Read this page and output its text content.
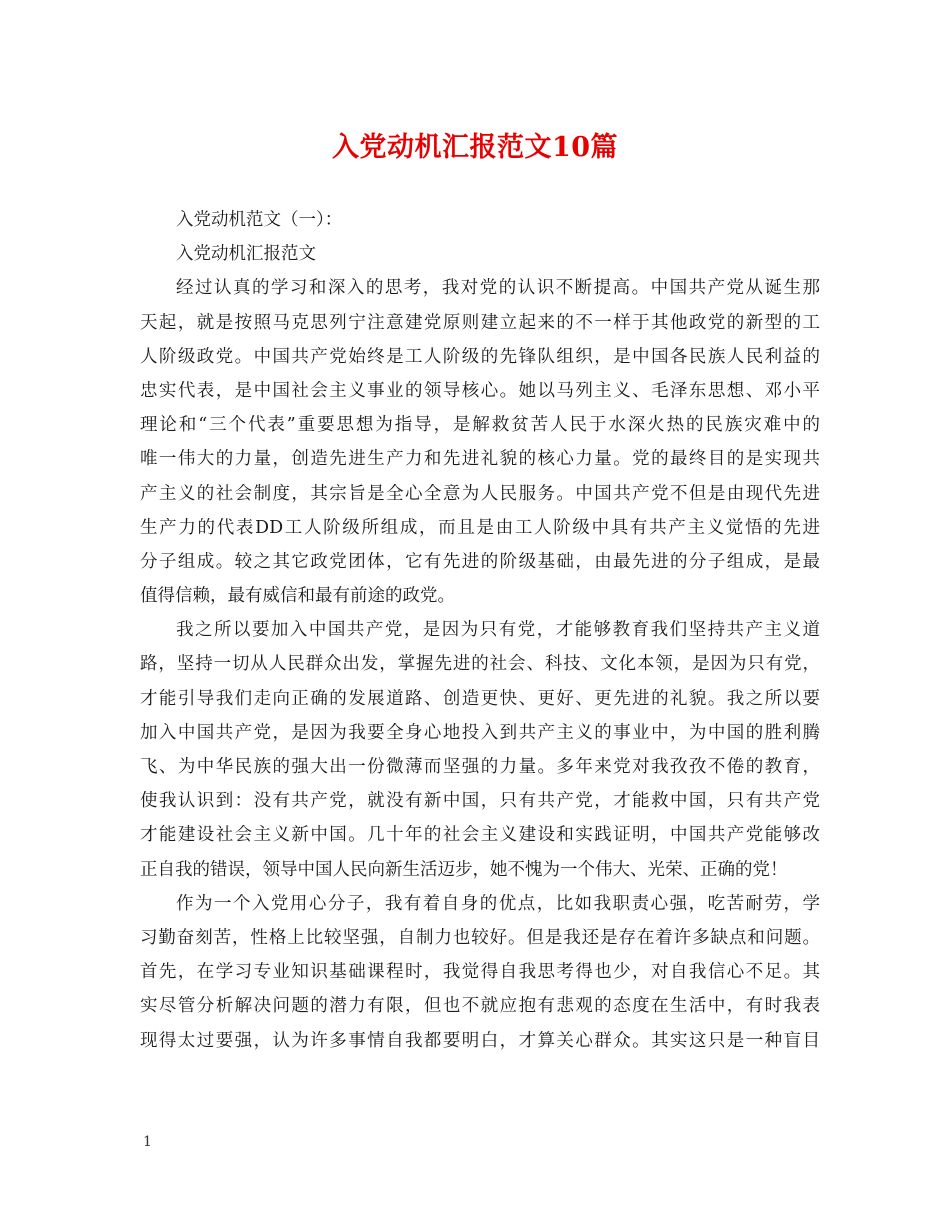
入党动机汇报范文10篇
入党动机范文（一）：
入党动机汇报范文
经过认真的学习和深入的思考，我对党的认识不断提高。中国共产党从诞生那
天起，就是按照马克思列宁注意建党原则建立起来的不一样于其他政党的新型的工
人阶级政党。中国共产党始终是工人阶级的先锋队组织，是中国各民族人民利益的
忠实代表，是中国社会主义事业的领导核心。她以马列主义、毛泽东思想、邓小平
理论和“三个代表”重要思想为指导，是解救贫苦人民于水深火热的民族灾难中的
唯一伟大的力量，创造先进生产力和先进礼貌的核心力量。党的最终目的是实现共
产主义的社会制度，其宗旨是全心全意为人民服务。中国共产党不但是由现代先进
生产力的代表DD工人阶级所组成，而且是由工人阶级中具有共产主义觉悟的先进
分子组成。较之其它政党团体，它有先进的阶级基础，由最先进的分子组成，是最
值得信赖，最有威信和最有前途的政党。
我之所以要加入中国共产党，是因为只有党，才能够教育我们坚持共产主义道
路，坚持一切从人民群众出发，掌握先进的社会、科技、文化本领，是因为只有党，
才能引导我们走向正确的发展道路、创造更快、更好、更先进的礼貌。我之所以要
加入中国共产党，是因为我要全身心地投入到共产主义的事业中，为中国的胜利腾
飞、为中华民族的强大出一份微薄而坚强的力量。多年来党对我孜孜不倦的教育，
使我认识到：没有共产党，就没有新中国，只有共产党，才能救中国，只有共产党
才能建设社会主义新中国。几十年的社会主义建设和实践证明，中国共产党能够改
正自我的错误，领导中国人民向新生活迈步，她不愧为一个伟大、光荣、正确的党！
作为一个入党用心分子，我有着自身的优点，比如我职责心强，吃苦耐劳，学
习勤奋刻苦，性格上比较坚强，自制力也较好。但是我还是存在着许多缺点和问题。
首先，在学习专业知识基础课程时，我觉得自我思考得也少，对自我信心不足。其
实尽管分析解决问题的潜力有限，但也不就应抱有悲观的态度在生活中，有时我表
现得太过要强，认为许多事情自我都要明白，才算关心群众。其实这只是一种盲目
1
